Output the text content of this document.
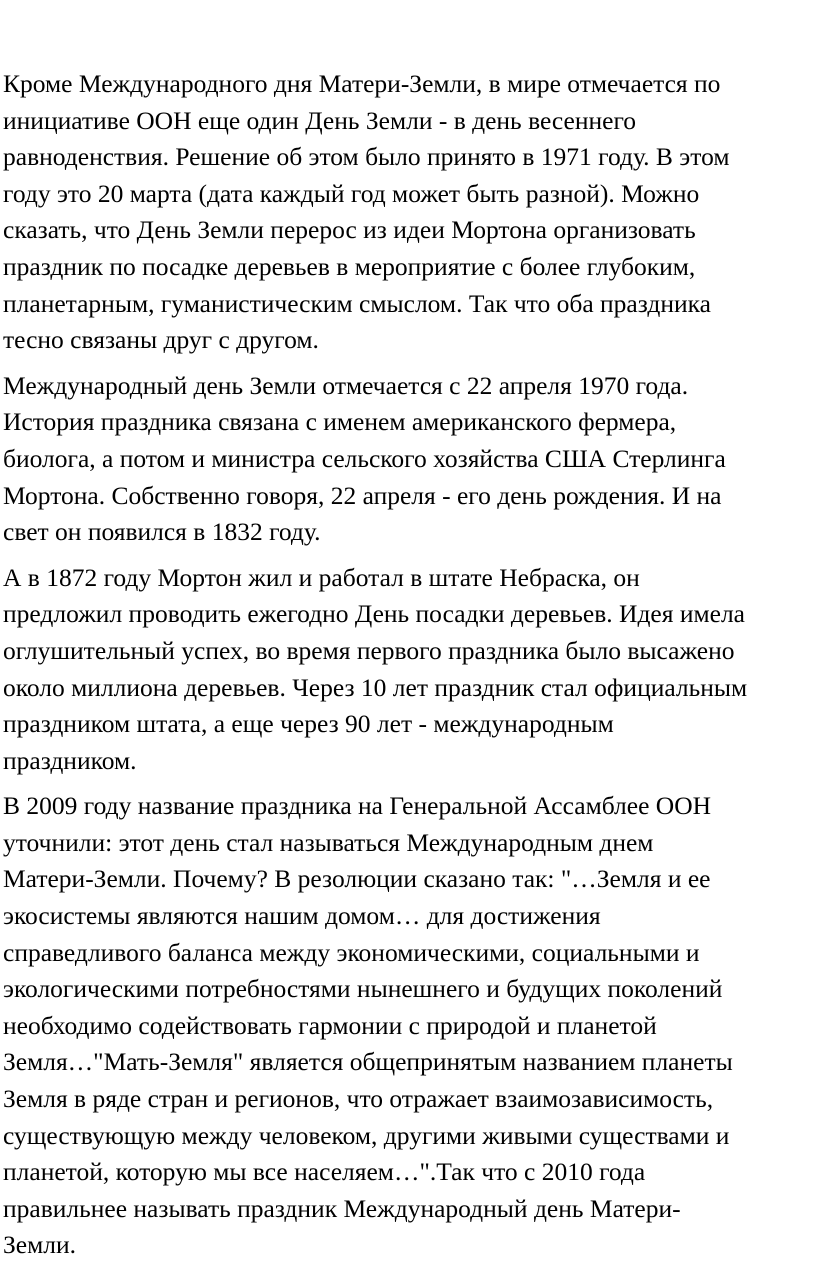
Кроме Международного дня Матери-Земли, в мире отмечается по
инициативе ООН еще один День Земли - в день весеннего
равноденствия. Решение об этом было принято в 1971 году. В этом
году это 20 марта (дата каждый год может быть разной). Можно
сказать, что День Земли перерос из идеи Мортона организовать
праздник по посадке деревьев в мероприятие с более глубоким,
планетарным, гуманистическим смыслом. Так что оба праздника
тесно связаны друг с другом.

Международный день Земли отмечается с 22 апреля 1970 года.
История праздника связана с именем американского фермера,
биолога, а потом и министра сельского хозяйства США Стерлинга
Мортона. Собственно говоря, 22 апреля - его день рождения. И на
свет он появился в 1832 году.

А в 1872 году Мортон жил и работал в штате Небраска, он
предложил проводить ежегодно День посадки деревьев. Идея имела
оглушительный успех, во время первого праздника было высажено
около миллиона деревьев. Через 10 лет праздник стал официальным
праздником штата, а еще через 90 лет - международным
праздником.

В 2009 году название праздника на Генеральной Ассамблее ООН
уточнили: этот день стал называться Международным днем
Матери-Земли. Почему? В резолюции сказано так: "…Земля и ее
экосистемы являются нашим домом… для достижения
справедливого баланса между экономическими, социальными и
экологическими потребностями нынешнего и будущих поколений
необходимо содействовать гармонии с природой и планетой
Земля…"Мать-Земля" является общепринятым названием планеты
Земля в ряде стран и регионов, что отражает взаимозависимость,
существующую между человеком, другими живыми существами и
планетой, которую мы все населяем…".Так что с 2010 года
правильнее называть праздник Международный день Матери-
Земли.
